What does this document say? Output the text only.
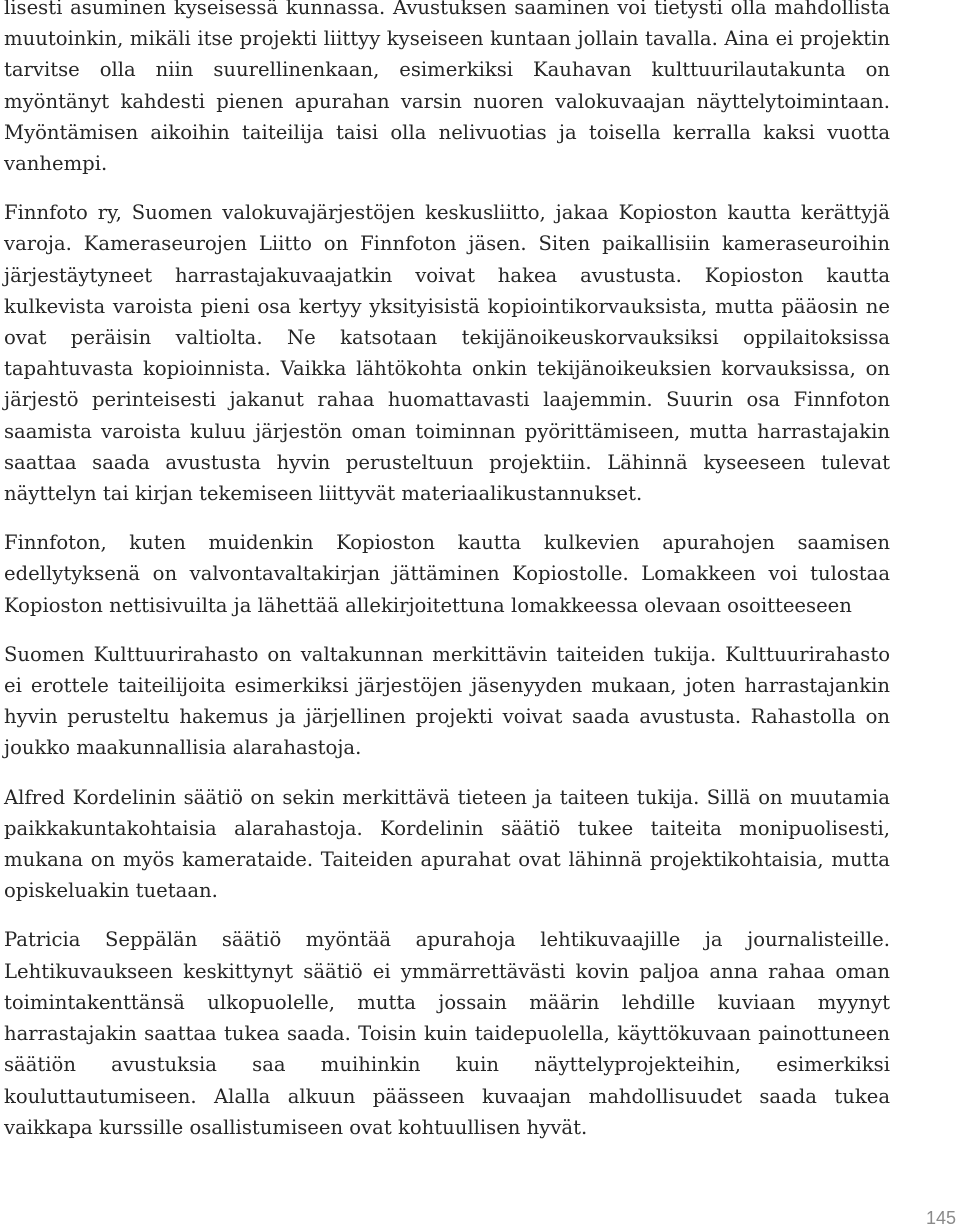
lisesti asuminen kyseisessä kunnassa. Avustuksen saaminen voi tietysti olla mahdollista muutoinkin, mikäli itse projekti liittyy kyseiseen kuntaan jollain tavalla. Aina ei projektin tarvitse olla niin suurellinenkaan, esimerkiksi Kauhavan kulttuurilautakunta on myöntänyt kahdesti pienen apurahan varsin nuoren valokuvaajan näyttelytoimintaan. Myöntämisen aikoihin taiteilija taisi olla nelivuotias ja toisella kerralla kaksi vuotta vanhempi.

Finnfoto ry, Suomen valokuvajärjestöjen keskusliitto, jakaa Kopioston kautta kerättyjä varoja. Kameraseurojen Liitto on Finnfoton jäsen. Siten paikallisiin kameraseuroihin järjestäytyneet harrastajakuvaajatkin voivat hakea avustusta. Kopioston kautta kulkevista varoista pieni osa kertyy yksityisistä kopiointikorvauksista, mutta pääosin ne ovat peräisin valtiolta. Ne katsotaan tekijänoikeuskorvauksiksi oppilaitoksissa tapahtuvasta kopioinnista. Vaikka lähtökohta onkin tekijänoikeuksien korvauksissa, on järjestö perinteisesti jakanut rahaa huomattavasti laajemmin. Suurin osa Finnfoton saamista varoista kuluu järjestön oman toiminnan pyörittämiseen, mutta harrastajakin saattaa saada avustusta hyvin perusteltuun projektiin. Lähinnä kyseeseen tulevat näyttelyn tai kirjan tekemiseen liittyvät materiaalikustannukset.

Finnfoton, kuten muidenkin Kopioston kautta kulkevien apurahojen saamisen edellytyksenä on valvontavaltakirjan jättäminen Kopiostolle. Lomakkeen voi tulostaa Kopioston nettisivuilta ja lähettää allekirjoitettuna lomakkeessa olevaan osoitteeseen

Suomen Kulttuurirahasto on valtakunnan merkittävin taiteiden tukija. Kulttuurirahasto ei erottele taiteilijoita esimerkiksi järjestöjen jäsenyyden mukaan, joten harrastajankin hyvin perusteltu hakemus ja järjellinen projekti voivat saada avustusta. Rahastolla on joukko maakunnallisia alarahastoja.

Alfred Kordelinin säätiö on sekin merkittävä tieteen ja taiteen tukija. Sillä on muutamia paikkakuntakohtaisia alarahastoja. Kordelinin säätiö tukee taiteita monipuolisesti, mukana on myös kamerataide. Taiteiden apurahat ovat lähinnä projektikohtaisia, mutta opiskeluakin tuetaan.

Patricia Seppälän säätiö myöntää apurahoja lehtikuvaajille ja journalisteille. Lehtikuvaukseen keskittynyt säätiö ei ymmärrettävästi kovin paljoa anna rahaa oman toimintakenttänsä ulkopuolelle, mutta jossain määrin lehdille kuviaan myynyt harrastajakin saattaa tukea saada. Toisin kuin taidepuolella, käyttökuvaan painottuneen säätiön avustuksia saa muihinkin kuin näyttelyprojekteihin, esimerkiksi kouluttautumiseen. Alalla alkuun päässeen kuvaajan mahdollisuudet saada tukea vaikkapa kurssille osallistumiseen ovat kohtuullisen hyvät.

145
